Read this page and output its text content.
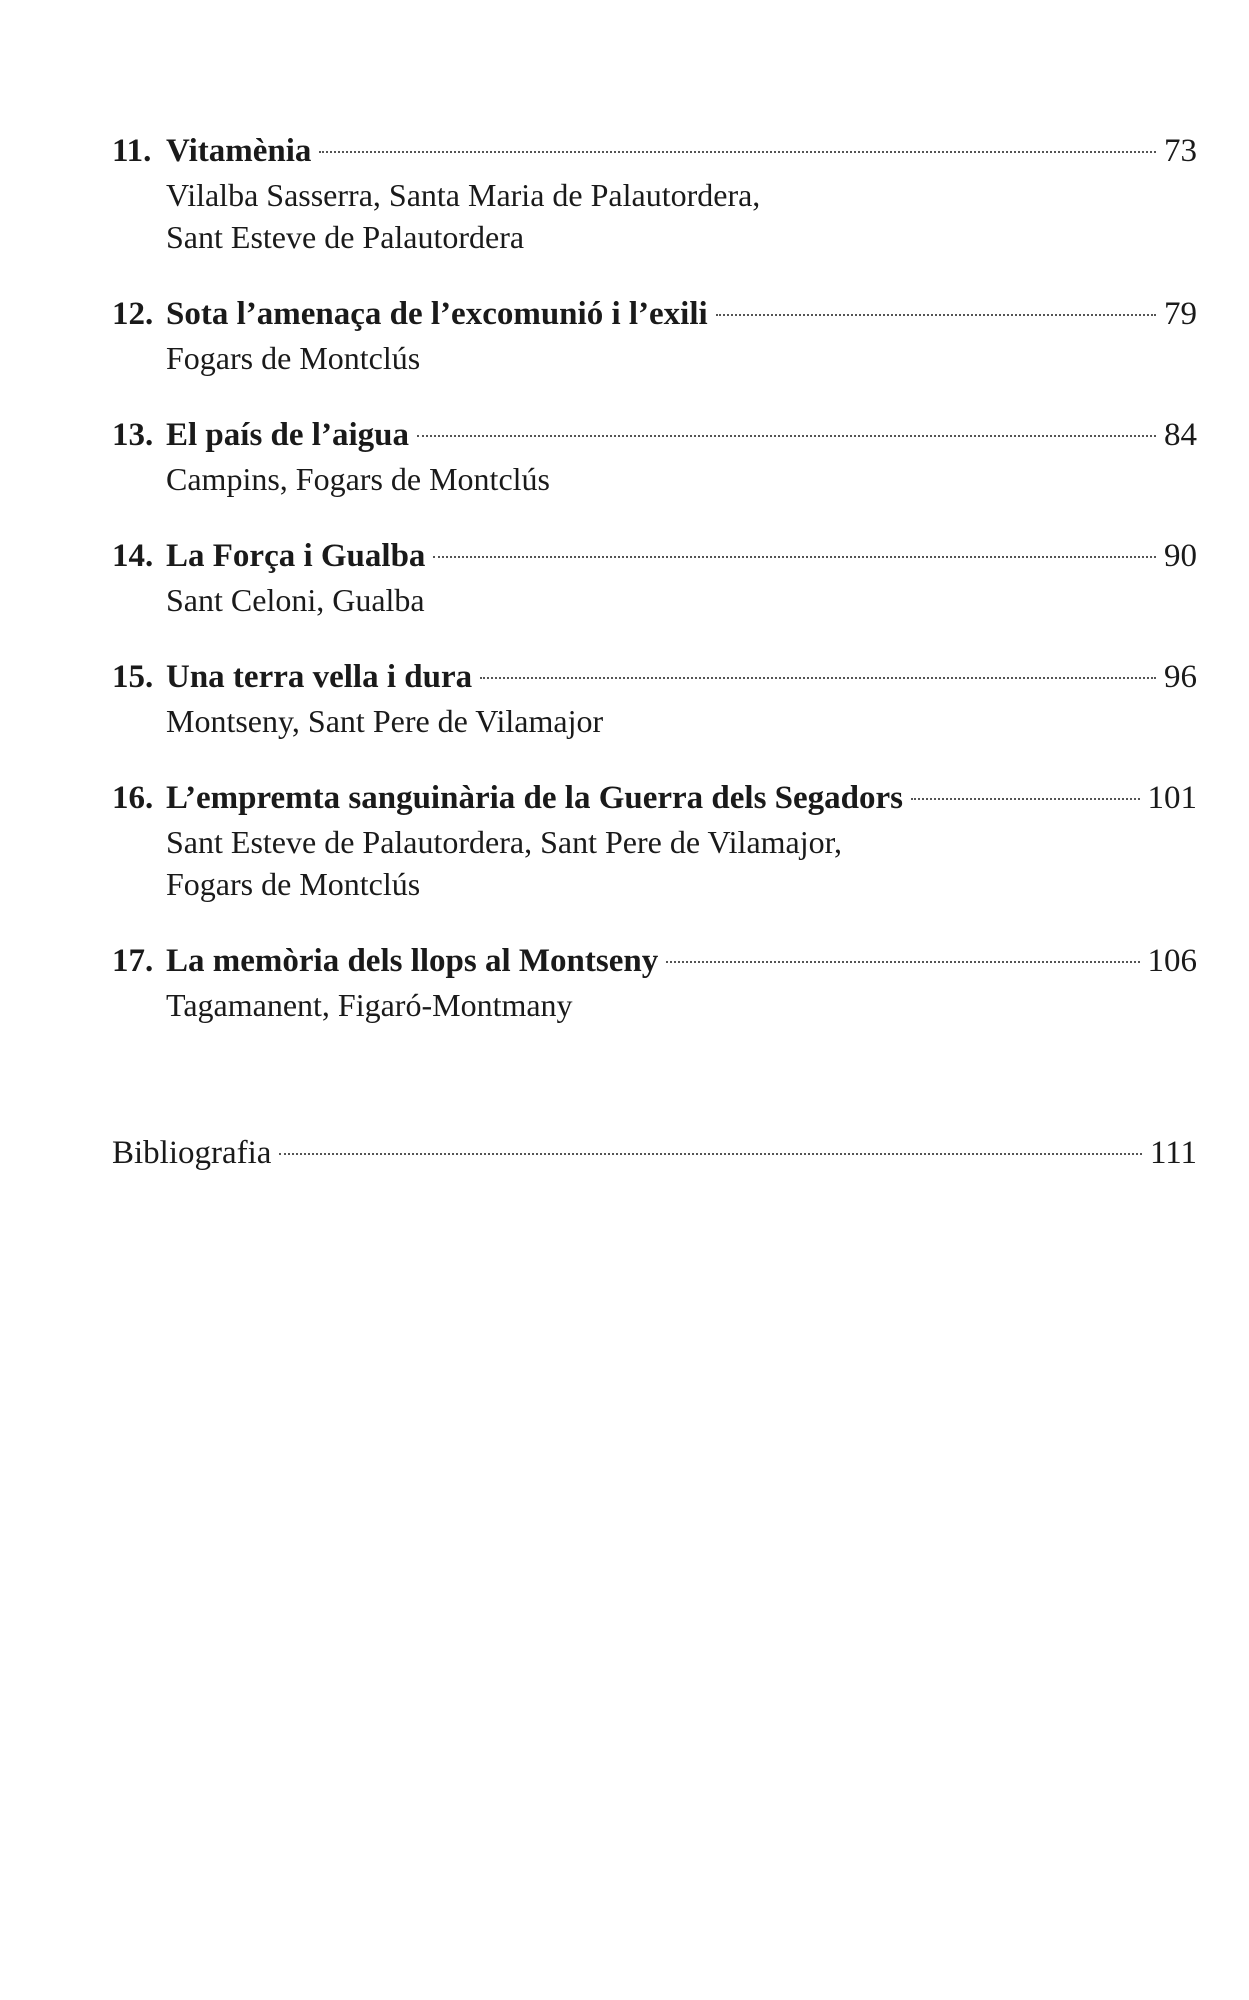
11. Vitamènia	73
Vilalba Sasserra, Santa Maria de Palautordera,
Sant Esteve de Palautordera
12. Sota l’amenaça de l’excomunió i l’exili	79
Fogars de Montclús
13. El país de l’aigua	84
Campins, Fogars de Montclús
14. La Força i Gualba	90
Sant Celoni, Gualba
15. Una terra vella i dura	96
Montseny, Sant Pere de Vilamajor
16. L’empremta sanguinària de la Guerra dels Segadors	101
Sant Esteve de Palautordera, Sant Pere de Vilamajor,
Fogars de Montclús
17. La memòria dels llops al Montseny	106
Tagamanent, Figaró-Montmany
Bibliografia	111
